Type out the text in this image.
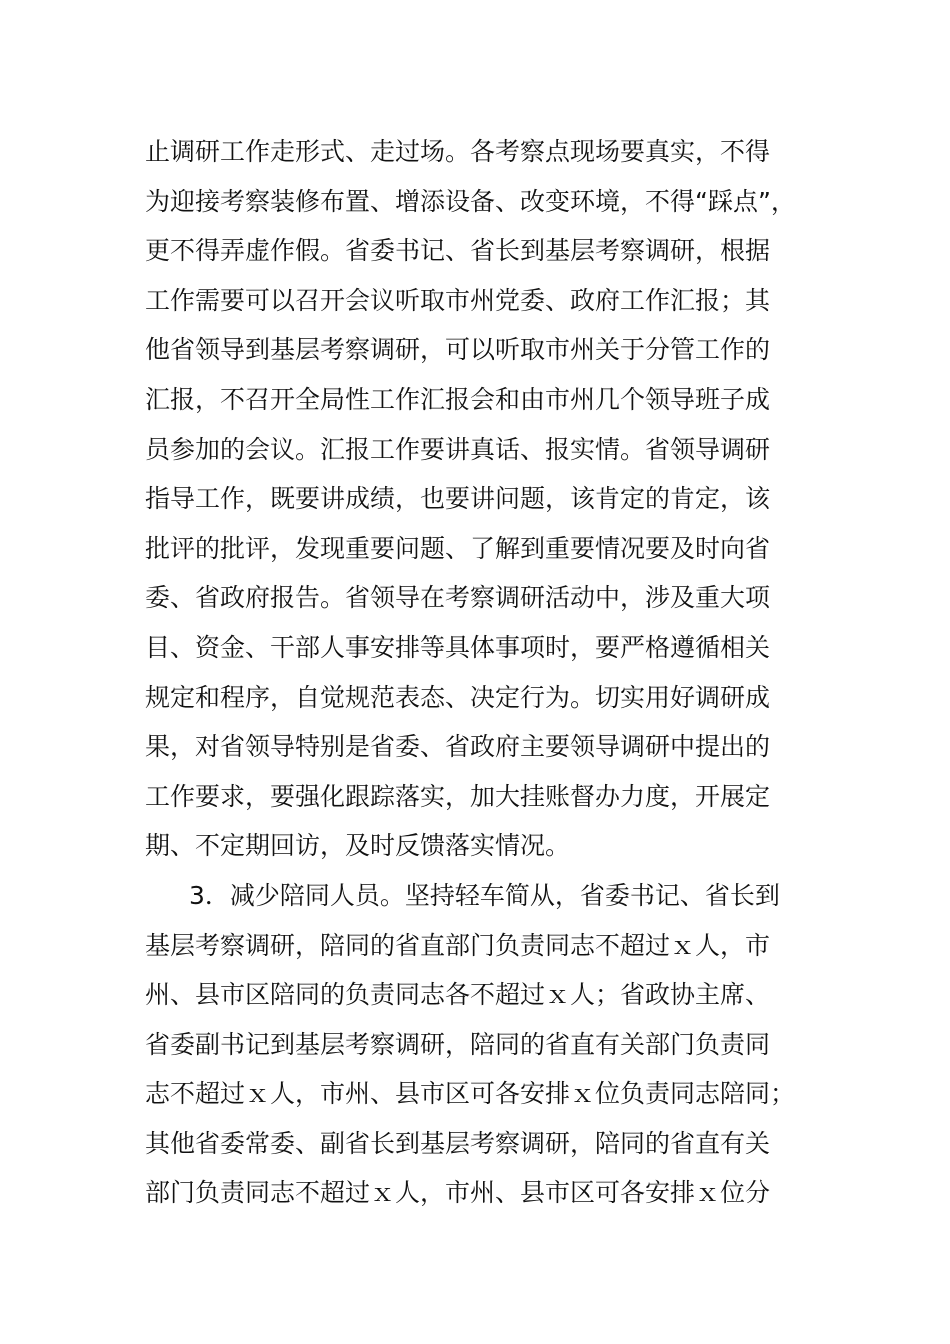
止调研工作走形式、走过场。各考察点现场要真实，不得
为迎接考察装修布置、增添设备、改变环境，不得“踩点”，
更不得弄虚作假。省委书记、省长到基层考察调研，根据
工作需要可以召开会议听取市州党委、政府工作汇报；其
他省领导到基层考察调研，可以听取市州关于分管工作的
汇报，不召开全局性工作汇报会和由市州几个领导班子成
员参加的会议。汇报工作要讲真话、报实情。省领导调研
指导工作，既要讲成绩，也要讲问题，该肯定的肯定，该
批评的批评，发现重要问题、了解到重要情况要及时向省
委、省政府报告。省领导在考察调研活动中，涉及重大项
目、资金、干部人事安排等具体事项时，要严格遵循相关
规定和程序，自觉规范表态、决定行为。切实用好调研成
果，对省领导特别是省委、省政府主要领导调研中提出的
工作要求，要强化跟踪落实，加大挂账督办力度，开展定
期、不定期回访，及时反馈落实情况。
3．减少陪同人员。坚持轻车简从，省委书记、省长到
基层考察调研，陪同的省直部门负责同志不超过ｘ人，市
州、县市区陪同的负责同志各不超过ｘ人；省政协主席、
省委副书记到基层考察调研，陪同的省直有关部门负责同
志不超过ｘ人，市州、县市区可各安排ｘ位负责同志陪同；
其他省委常委、副省长到基层考察调研，陪同的省直有关
部门负责同志不超过ｘ人，市州、县市区可各安排ｘ位分
